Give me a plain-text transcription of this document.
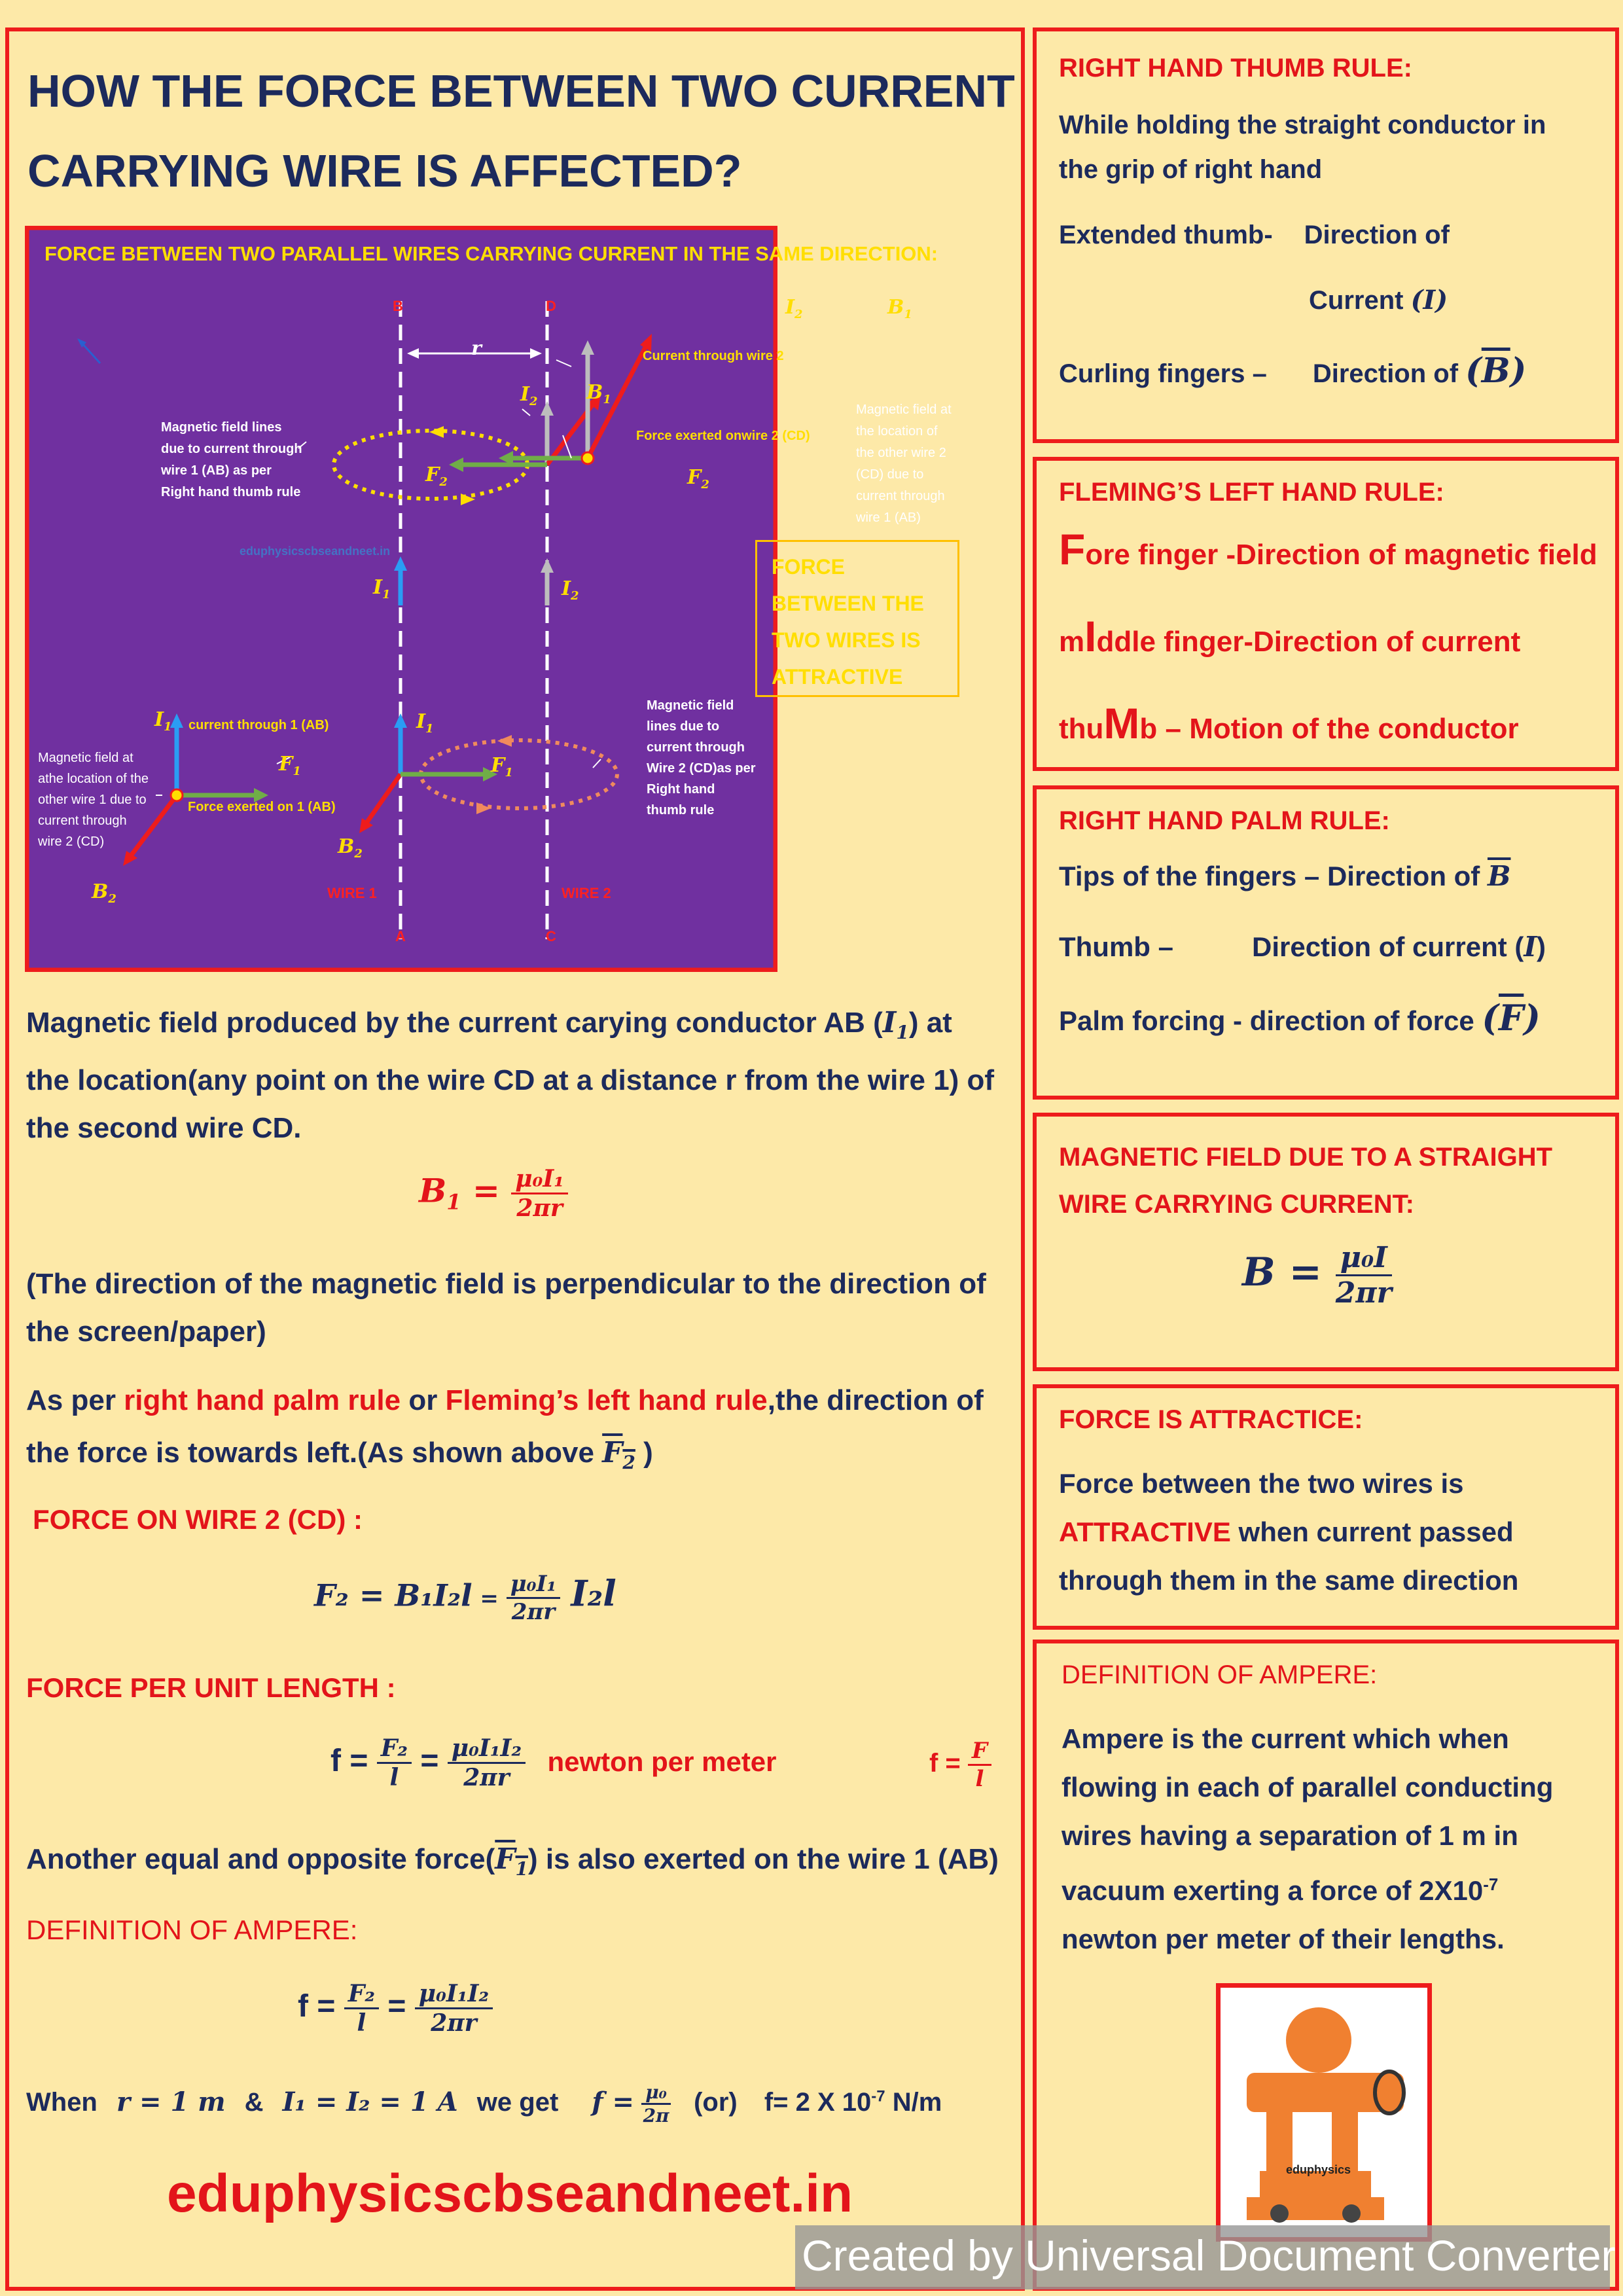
HOW THE FORCE BETWEEN TWO CURRENT
CARRYING WIRE IS AFFECTED?
FORCE BETWEEN TWO PARALLEL WIRES CARRYING CURRENT IN THE SAME DIRECTION:
B	D
A	C
r
WIRE 1	WIRE 2
$I_2$ $B_1$
$F_2$
$I_1$	$I_2$
$I_1$
$F_1$
$B_2$
$I_2$	$B_1$
$F_2$
Current through wire 2
Force exerted onwire 2 (CD)
Magnetic field at
the location of
the other wire 2
(CD) due to
current through
wire 1 (AB)
Magnetic field lines
due to current through
wire 1 (AB) as per
Right hand thumb rule
eduphysicscbseandneet.in
FORCE
BETWEEN THE
TWO WIRES IS
ATTRACTIVE
Magnetic field
lines due to
current through
Wire 2 (CD)as per
Right hand
thumb rule
$I_1$ current through 1 (AB)
$F_1$
Force exerted on 1 (AB)
$B_2$
Magnetic field at
athe location of the
other wire 1 due to
current through
wire 2 (CD)
Magnetic field produced by the current carying conductor AB $(I_1)$ at
the location(any point on the wire CD at a distance r from the wire 1) of
the second wire CD.
$B_1 = \frac{\text{μ₀I₁}}{2\pi r}$
(The direction of the magnetic field is perpendicular to the direction of
the screen/paper)
As per right hand palm rule or Fleming’s left hand rule,the direction of
the force is towards left.(As shown above $F_2$ )
FORCE ON WIRE 2 (CD) :
$F_2 = B_1I_2l = \frac{\text{μ₀I₁}}{2\pi r} I_2l$
FORCE PER UNIT LENGTH :
$f = \frac{\text{F₂}}{l} = \frac{\text{μ₀I₁I₂}}{2\pi r}$ newton per meter	$f = \frac{F}{l}$
Another equal and opposite $force(F_1)$ is also exerted on the wire 1 (AB)
DEFINITION OF AMPERE:
$f = \frac{\text{F₂}}{l} = \frac{\text{μ₀I₁I₂}}{2\pi r}$
When r = 1 m & I₁ = I₂ = 1 A we get $f = \frac{\text{μ₀}}{2\pi} (or)$ f= 2 X $10^{-7}$ N/m
eduphysicscbseandneet.in
RIGHT HAND THUMB RULE:
While holding the straight conductor in
the grip of right hand
Extended thumb- Direction of
Current (I)
Curling fingers – Direction of $(\overline{B})$
FLEMING’S LEFT HAND RULE:
Fore finger -Direction of magnetic field
mIddle finger-Direction of current
thuMb – Motion of the conductor
RIGHT HAND PALM RULE:
Tips of the fingers – Direction of $\overline{B}$
Thumb –	Direction of current (I)
Palm forcing - direction of force $(\overline{F})$
MAGNETIC FIELD DUE TO A STRAIGHT
WIRE CARRYING CURRENT:
$B = \frac{\text{μ₀I}}{2\pi r}$
FORCE IS ATTRACTICE:
Force between the two wires is
ATTRACTIVE when current passed
through them in the same direction
DEFINITION OF AMPERE:
Ampere is the current which when
flowing in each of parallel conducting
wires having a separation of 1 m in
vacuum exerting a force of $2X10^{-7}$
newton per meter of their lengths.
eduphysics
Created by Universal Document Converter
